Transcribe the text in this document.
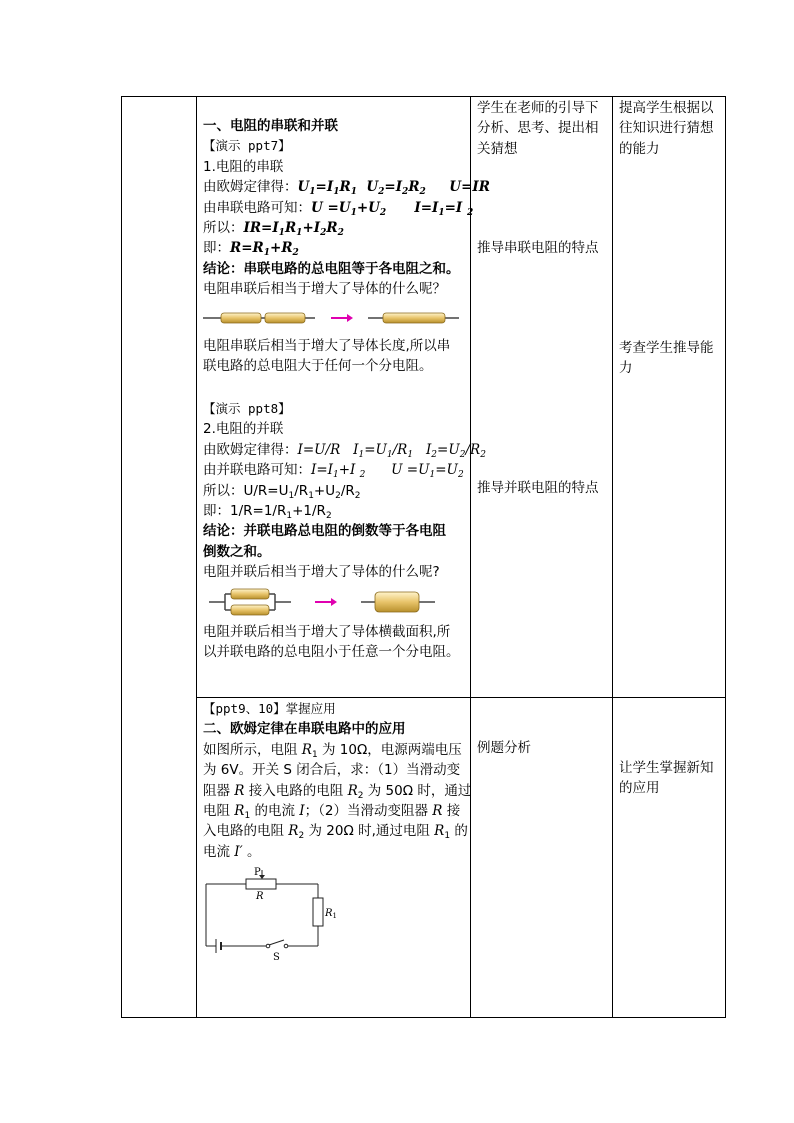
一、电阻的串联和并联

【演示 ppt7】

1.电阻的串联

由欧姆定律得：$U_1=I_1R_1$  $U_2=I_2R_2$     U=IR

由串联电路可知：$U =U_1+U_2$      $I=I_1=I$ $_2$

所以：$IR=I_1R_1+I_2R_2$

即：$R=R_1+R_2$

结论：串联电路的总电阻等于各电阻之和。

电阻串联后相当于增大了导体的什么呢？

电阻串联后相当于增大了导体长度,所以串

联电路的总电阻大于任何一个分电阻。

【演示 ppt8】

2.电阻的并联

由欧姆定律得：I=U/R   $I_1=U_1/R_1$   $I_2=U_2/R_2$

由并联电路可知：$I=I_1+I$ $_2$      $U =U_1=U_2$

所以：$U/R=U_1/R_1+U_2/R_2$

即：$1/R=1/R_1+1/R_2$

结论：并联电路总电阻的倒数等于各电阻

倒数之和。

电阻并联后相当于增大了导体的什么呢?

电阻并联后相当于增大了导体横截面积,所

以并联电路的总电阻小于任意一个分电阻。

学生在老师的引导下

分析、思考、提出相

关猜想

推导串联电阻的特点

推导并联电阻的特点

提高学生根据以

往知识进行猜想

的能力

考查学生推导能

力

【ppt9、10】掌握应用

二、欧姆定律在串联电路中的应用

如图所示，电阻 $R_1$ 为 10Ω，电源两端电压

为 6V。开关 S 闭合后，求：（1）当滑动变

阻器 R 接入电路的电阻 $R_2$ 为 50Ω 时，通过

电阻 $R_1$ 的电流 I；（2）当滑动变阻器 R 接

入电路的电阻 $R_2$ 为 20Ω 时,通过电阻 $R_1$ 的

电流 I′ 。

P
R
$R_1$
S

例题分析

让学生掌握新知

的应用
